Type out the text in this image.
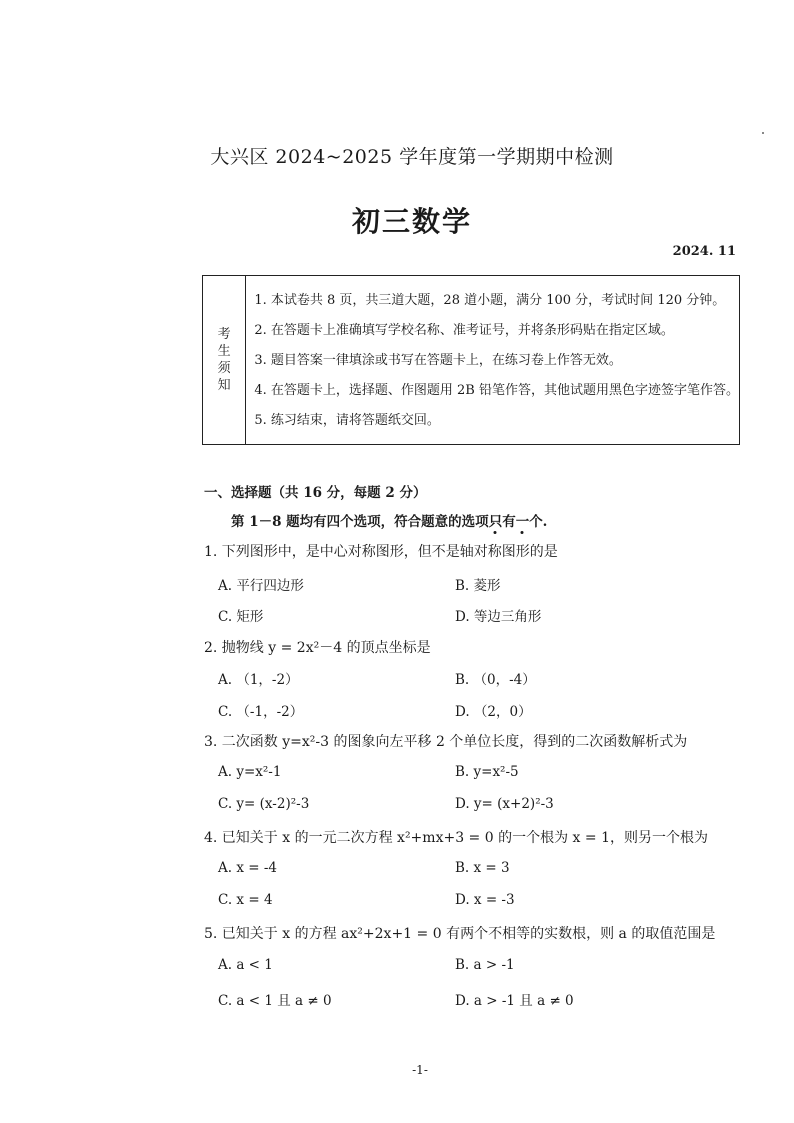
大兴区 2024~2025 学年度第一学期期中检测
初三数学
2024. 11
考
生
须
知
1. 本试卷共 8 页，共三道大题，28 道小题，满分 100 分，考试时间 120 分钟。
2. 在答题卡上准确填写学校名称、准考证号，并将条形码贴在指定区域。
3. 题目答案一律填涂或书写在答题卡上，在练习卷上作答无效。
4. 在答题卡上，选择题、作图题用 2B 铅笔作答，其他试题用黑色字迹签字笔作答。
5. 练习结束，请将答题纸交回。
一、选择题（共 16 分，每题 2 分）
第 1－8 题均有四个选项，符合题意的选项只有一个.
1. 下列图形中，是中心对称图形，但不是轴对称图形的是
A. 平行四边形	B. 菱形
C. 矩形	D. 等边三角形
2. 抛物线 y = 2x²－4 的顶点坐标是
A. （1，-2）	B. （0，-4）
C. （-1，-2）	D. （2，0）
3. 二次函数 y=x²-3 的图象向左平移 2 个单位长度，得到的二次函数解析式为
A. y=x²-1	B. y=x²-5
C. y= (x-2)²-3	D. y= (x+2)²-3
4. 已知关于 x 的一元二次方程 x²+mx+3 = 0 的一个根为 x = 1，则另一个根为
A. x = -4	B. x = 3
C. x = 4	D. x = -3
5. 已知关于 x 的方程 ax²+2x+1 = 0 有两个不相等的实数根，则 a 的取值范围是
A. a < 1	B. a > -1
C. a < 1 且 a ≠ 0	D. a > -1 且 a ≠ 0
-1-
